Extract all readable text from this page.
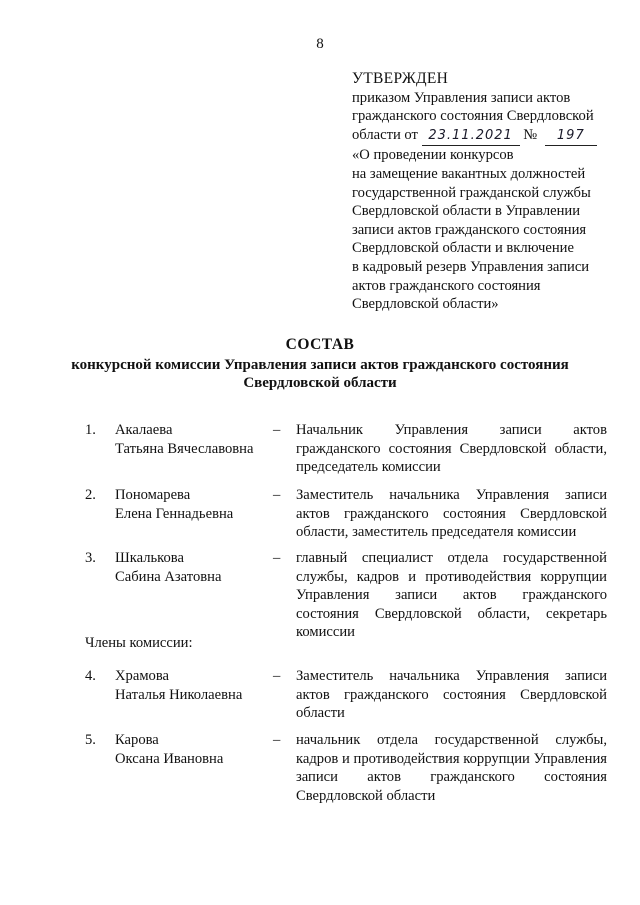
8
УТВЕРЖДЕН
приказом Управления записи актов
гражданского состояния Свердловской
области от 23.11.2021 № 197
«О проведении конкурсов
на замещение вакантных должностей
государственной гражданской службы
Свердловской области в Управлении
записи актов гражданского состояния
Свердловской области и включение
в кадровый резерв Управления записи
актов гражданского состояния
Свердловской области»
СОСТАВ
конкурсной комиссии Управления записи актов гражданского состояния
Свердловской области
1. Акалаева
Татьяна Вячеславовна
– Начальник Управления записи актов гражданского состояния Свердловской области, председатель комиссии
2. Пономарева
Елена Геннадьевна
– Заместитель начальника Управления записи актов гражданского состояния Свердловской области, заместитель председателя комиссии
3. Шкалькова
Сабина Азатовна
– главный специалист отдела государственной службы, кадров и противодействия коррупции Управления записи актов гражданского состояния Свердловской области, секретарь комиссии
Члены комиссии:
4. Храмова
Наталья Николаевна
– Заместитель начальника Управления записи актов гражданского состояния Свердловской области
5. Карова
Оксана Ивановна
– начальник отдела государственной службы, кадров и противодействия коррупции Управления записи актов гражданского состояния Свердловской области
